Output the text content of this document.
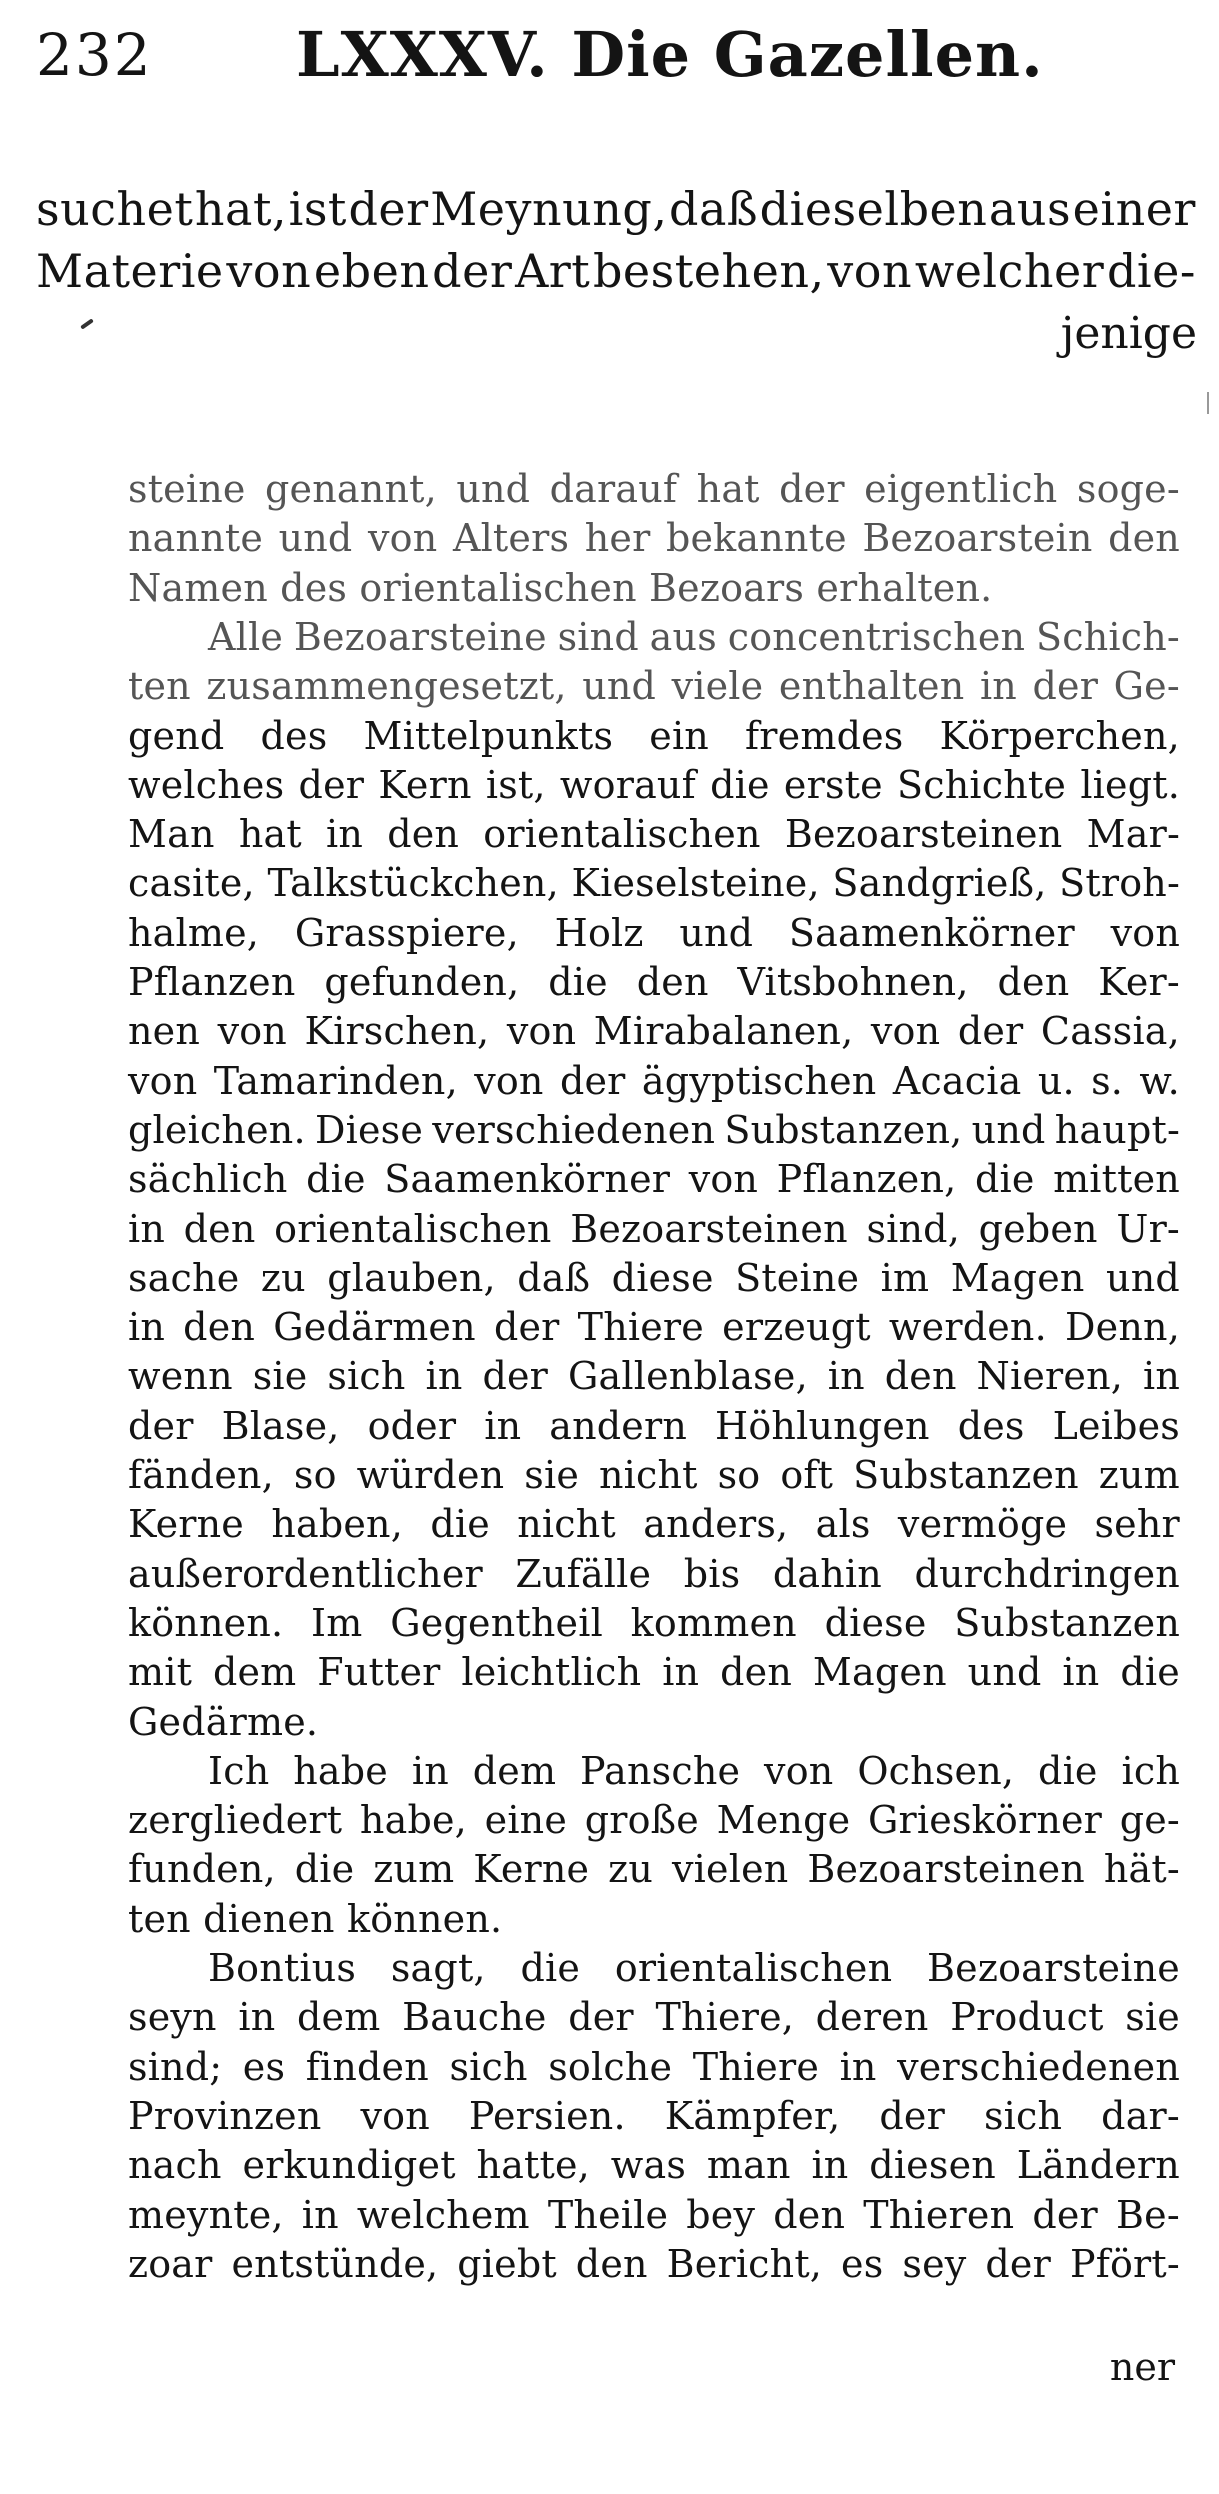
232 LXXXV. Die Gazellen.
suchet hat, ist der Meynung, daß dieselben aus einer
Materie von eben der Art bestehen, von welcher die-
jenige
steine genannt, und darauf hat der eigentlich soge-
nannte und von Alters her bekannte Bezoarstein den
Namen des orientalischen Bezoars erhalten.
Alle Bezoarsteine sind aus concentrischen Schich-
ten zusammengesetzt, und viele enthalten in der Ge-
gend des Mittelpunkts ein fremdes Körperchen,
welches der Kern ist, worauf die erste Schichte liegt.
Man hat in den orientalischen Bezoarsteinen Mar-
casite, Talkstückchen, Kieselsteine, Sandgrieß, Stroh-
halme, Grasspiere, Holz und Saamenkörner von
Pflanzen gefunden, die den Vitsbohnen, den Ker-
nen von Kirschen, von Mirabalanen, von der Cassia,
von Tamarinden, von der ägyptischen Acacia u. s. w.
gleichen. Diese verschiedenen Substanzen, und haupt-
sächlich die Saamenkörner von Pflanzen, die mitten
in den orientalischen Bezoarsteinen sind, geben Ur-
sache zu glauben, daß diese Steine im Magen und
in den Gedärmen der Thiere erzeugt werden. Denn,
wenn sie sich in der Gallenblase, in den Nieren, in
der Blase, oder in andern Höhlungen des Leibes
fänden, so würden sie nicht so oft Substanzen zum
Kerne haben, die nicht anders, als vermöge sehr
außerordentlicher Zufälle bis dahin durchdringen
können. Im Gegentheil kommen diese Substanzen
mit dem Futter leichtlich in den Magen und in die
Gedärme.
Ich habe in dem Pansche von Ochsen, die ich
zergliedert habe, eine große Menge Grieskörner ge-
funden, die zum Kerne zu vielen Bezoarsteinen hät-
ten dienen können.
Bontius sagt, die orientalischen Bezoarsteine
seyn in dem Bauche der Thiere, deren Product sie
sind; es finden sich solche Thiere in verschiedenen
Provinzen von Persien. Kämpfer, der sich dar-
nach erkundiget hatte, was man in diesen Ländern
meynte, in welchem Theile bey den Thieren der Be-
zoar entstünde, giebt den Bericht, es sey der Pfört-
ner
